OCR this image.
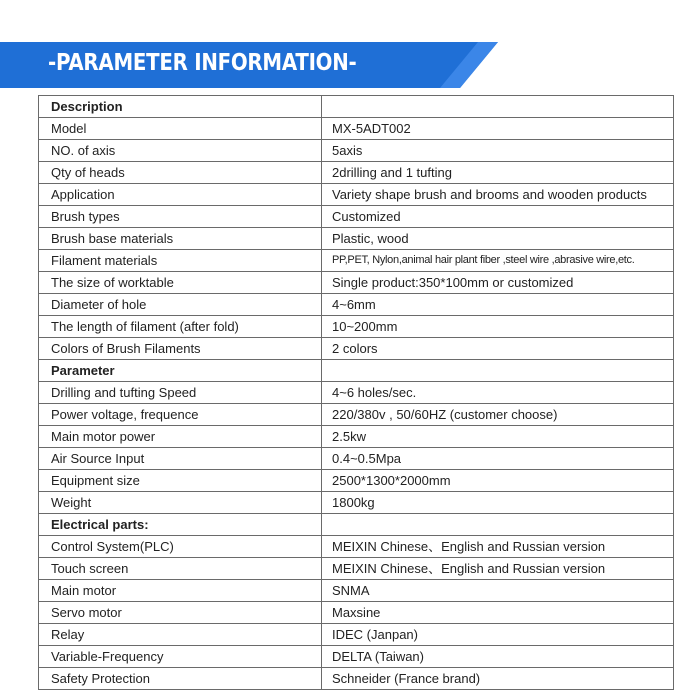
-PARAMETER INFORMATION-
Description	
Model	MX-5ADT002
NO. of axis	5axis
Qty of heads	2drilling and 1 tufting
Application	Variety shape brush and brooms and wooden products
Brush types	Customized
Brush base materials	Plastic, wood
Filament materials	PP,PET, Nylon,animal hair plant fiber ,steel wire ,abrasive wire,etc.
The size of worktable	Single product:350*100mm or customized
Diameter of hole	4~6mm
The length of filament (after fold)	10~200mm
Colors of Brush Filaments	2 colors
Parameter	
Drilling and tufting Speed	4~6 holes/sec.
Power voltage, frequence	220/380v , 50/60HZ (customer choose)
Main motor power	2.5kw
Air Source Input	0.4~0.5Mpa
Equipment size	2500*1300*2000mm
Weight	1800kg
Electrical parts:	
Control System(PLC)	MEIXIN Chinese、English and Russian version
Touch screen	MEIXIN Chinese、English and Russian version
Main motor	SNMA
Servo motor	Maxsine
Relay	IDEC (Janpan)
Variable-Frequency	DELTA (Taiwan)
Safety Protection	Schneider (France brand)
